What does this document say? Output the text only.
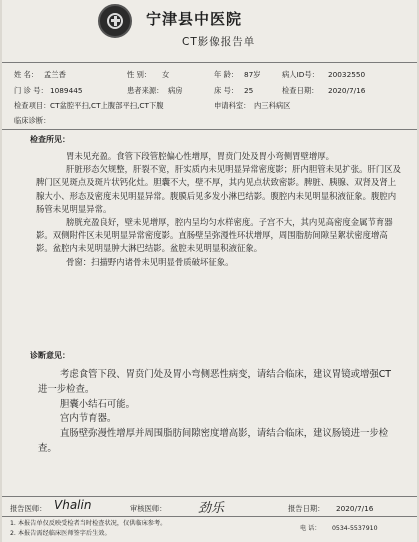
宁津县中医院
CT影像报告单
姓 名： 孟兰香	性 别： 女	年 龄： 87岁	病人ID号： 20032550
门 诊 号： 1089445	患者来源： 病房	床 号： 25	检查日期： 2020/7/16
检查项目： CT盆腔平扫,CT上腹部平扫,CT下腹	申请科室： 内三科病区
临床诊断：
检查所见：

胃未见充盈。食管下段管腔偏心性增厚，胃贲门处及胃小弯侧胃壁增厚。

肝脏形态欠规整，肝裂不宽，肝实质内未见明显异常密度影；肝内胆管未见扩张。肝门区及脾门区见斑点及斑片状钙化灶。胆囊不大，壁不厚，其内见点状致密影。脾脏、胰腺、双肾及肾上腺大小、形态及密度未见明显异常。腹膜后见多发小淋巴结影。腹腔内未见明显积液征象。腹腔内肠管未见明显异常。

膀胱充盈良好，壁未见增厚，腔内呈均匀水样密度。子宫不大，其内见高密度金属节育器影。双侧附件区未见明显异常密度影。直肠壁呈弥漫性环状增厚，周围脂肪间隙呈絮状密度增高影。盆腔内未见明显肿大淋巴结影。盆腔未见明显积液征象。

骨窗：扫描野内诸骨未见明显骨质破坏征象。

诊断意见：

考虑食管下段、胃贲门处及胃小弯侧恶性病变，请结合临床，建议胃镜或增强CT进一步检查。

胆囊小结石可能。

宫内节育器。

直肠壁弥漫性增厚并周围脂肪间隙密度增高影，请结合临床，建议肠镜进一步检查。

报告医师：	审核医师：	报告日期： 2020/7/16
Vhalin	劲乐
1. 本报告单仅反映受检者当时检查状况，仅供临床参考。
2. 本报告需经临床医师签字后生效。
电 话： 0534-5537910
